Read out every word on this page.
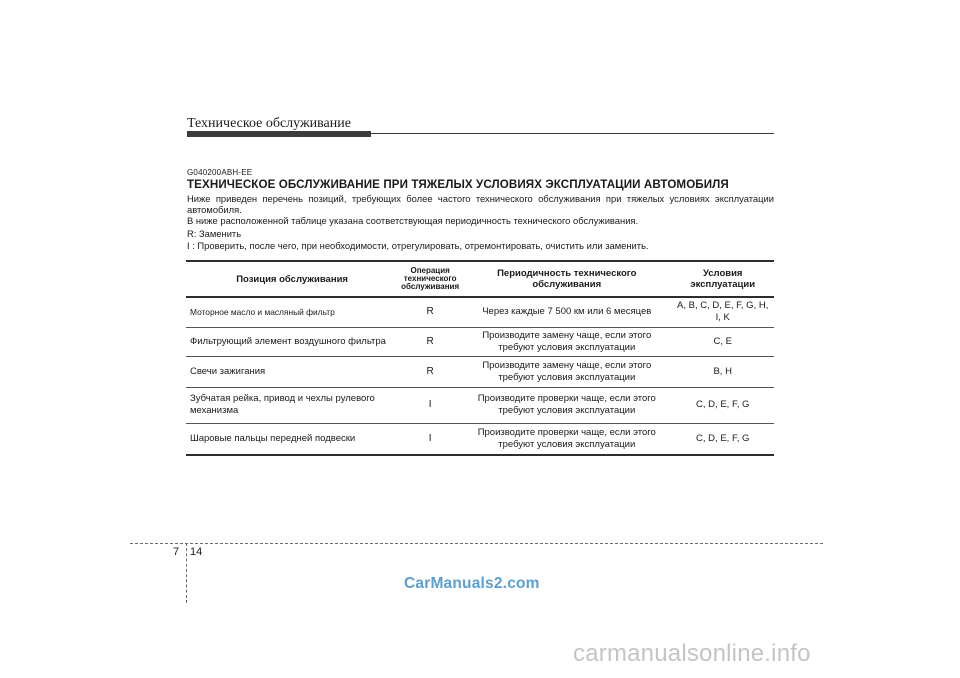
Техническое обслуживание
G040200ABH-EE
ТЕХНИЧЕСКОЕ ОБСЛУЖИВАНИЕ ПРИ ТЯЖЕЛЫХ УСЛОВИЯХ ЭКСПЛУАТАЦИИ АВТОМОБИЛЯ
Ниже приведен перечень позиций, требующих более частого технического обслуживания при тяжелых условиях эксплуатации автомобиля.
В ниже расположенной таблице указана соответствующая периодичность технического обслуживания.
R: Заменить
I : Проверить, после чего, при необходимости, отрегулировать, отремонтировать, очистить или заменить.
Позиция обслуживания	Операция технического обслуживания	Периодичность технического обслуживания	Условия эксплуатации
Моторное масло и масляный фильтр	R	Через каждые 7 500 км или 6 месяцев	A, B, C, D, E, F, G, H, I, K
Фильтрующий элемент воздушного фильтра	R	Производите замену чаще, если этого требуют условия эксплуатации	C, E
Свечи зажигания	R	Производите замену чаще, если этого требуют условия эксплуатации	B, H
Зубчатая рейка, привод и чехлы рулевого механизма	I	Производите проверки чаще, если этого требуют условия эксплуатации	C, D, E, F, G
Шаровые пальцы передней подвески	I	Производите проверки чаще, если этого требуют условия эксплуатации	C, D, E, F, G
7 14
CarManuals2.com
carmanualsonline.info
